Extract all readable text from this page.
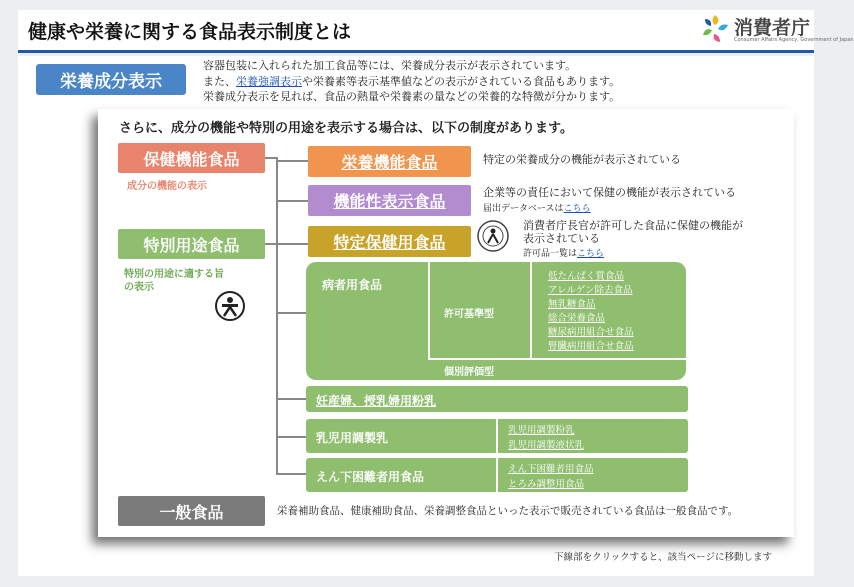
健康や栄養に関する食品表示制度とは	消費者庁
Consumer Affairs Agency, Government of Japan
栄養成分表示
容器包装に入れられた加工食品等には、栄養成分表示が表示されています。
また、栄養強調表示や栄養素等表示基準値などの表示がされている食品もあります。
栄養成分表示を見れば、食品の熱量や栄養素の量などの栄養的な特徴が分かります。
さらに、成分の機能や特別の用途を表示する場合は、以下の制度があります。
保健機能食品
成分の機能の表示
特別用途食品
特別の用途に適する旨
の表示
栄養機能食品	特定の栄養成分の機能が表示されている
機能性表示食品	企業等の責任において保健の機能が表示されている
届出データベースはこちら
特定保健用食品
消費者庁長官が許可した食品に保健の機能が
表示されている
許可品一覧はこちら
病者用食品
許可基準型
個別評価型
低たんぱく質食品
アレルゲン除去食品
無乳糖食品
総合栄養食品
糖尿病用組合せ食品
腎臓病用組合せ食品
妊産婦、授乳婦用粉乳
乳児用調製乳
乳児用調製粉乳
乳児用調製液状乳
えん下困難者用食品
えん下困難者用食品
とろみ調整用食品
一般食品	栄養補助食品、健康補助食品、栄養調整食品といった表示で販売されている食品は一般食品です。
下線部をクリックすると、該当ページに移動します
